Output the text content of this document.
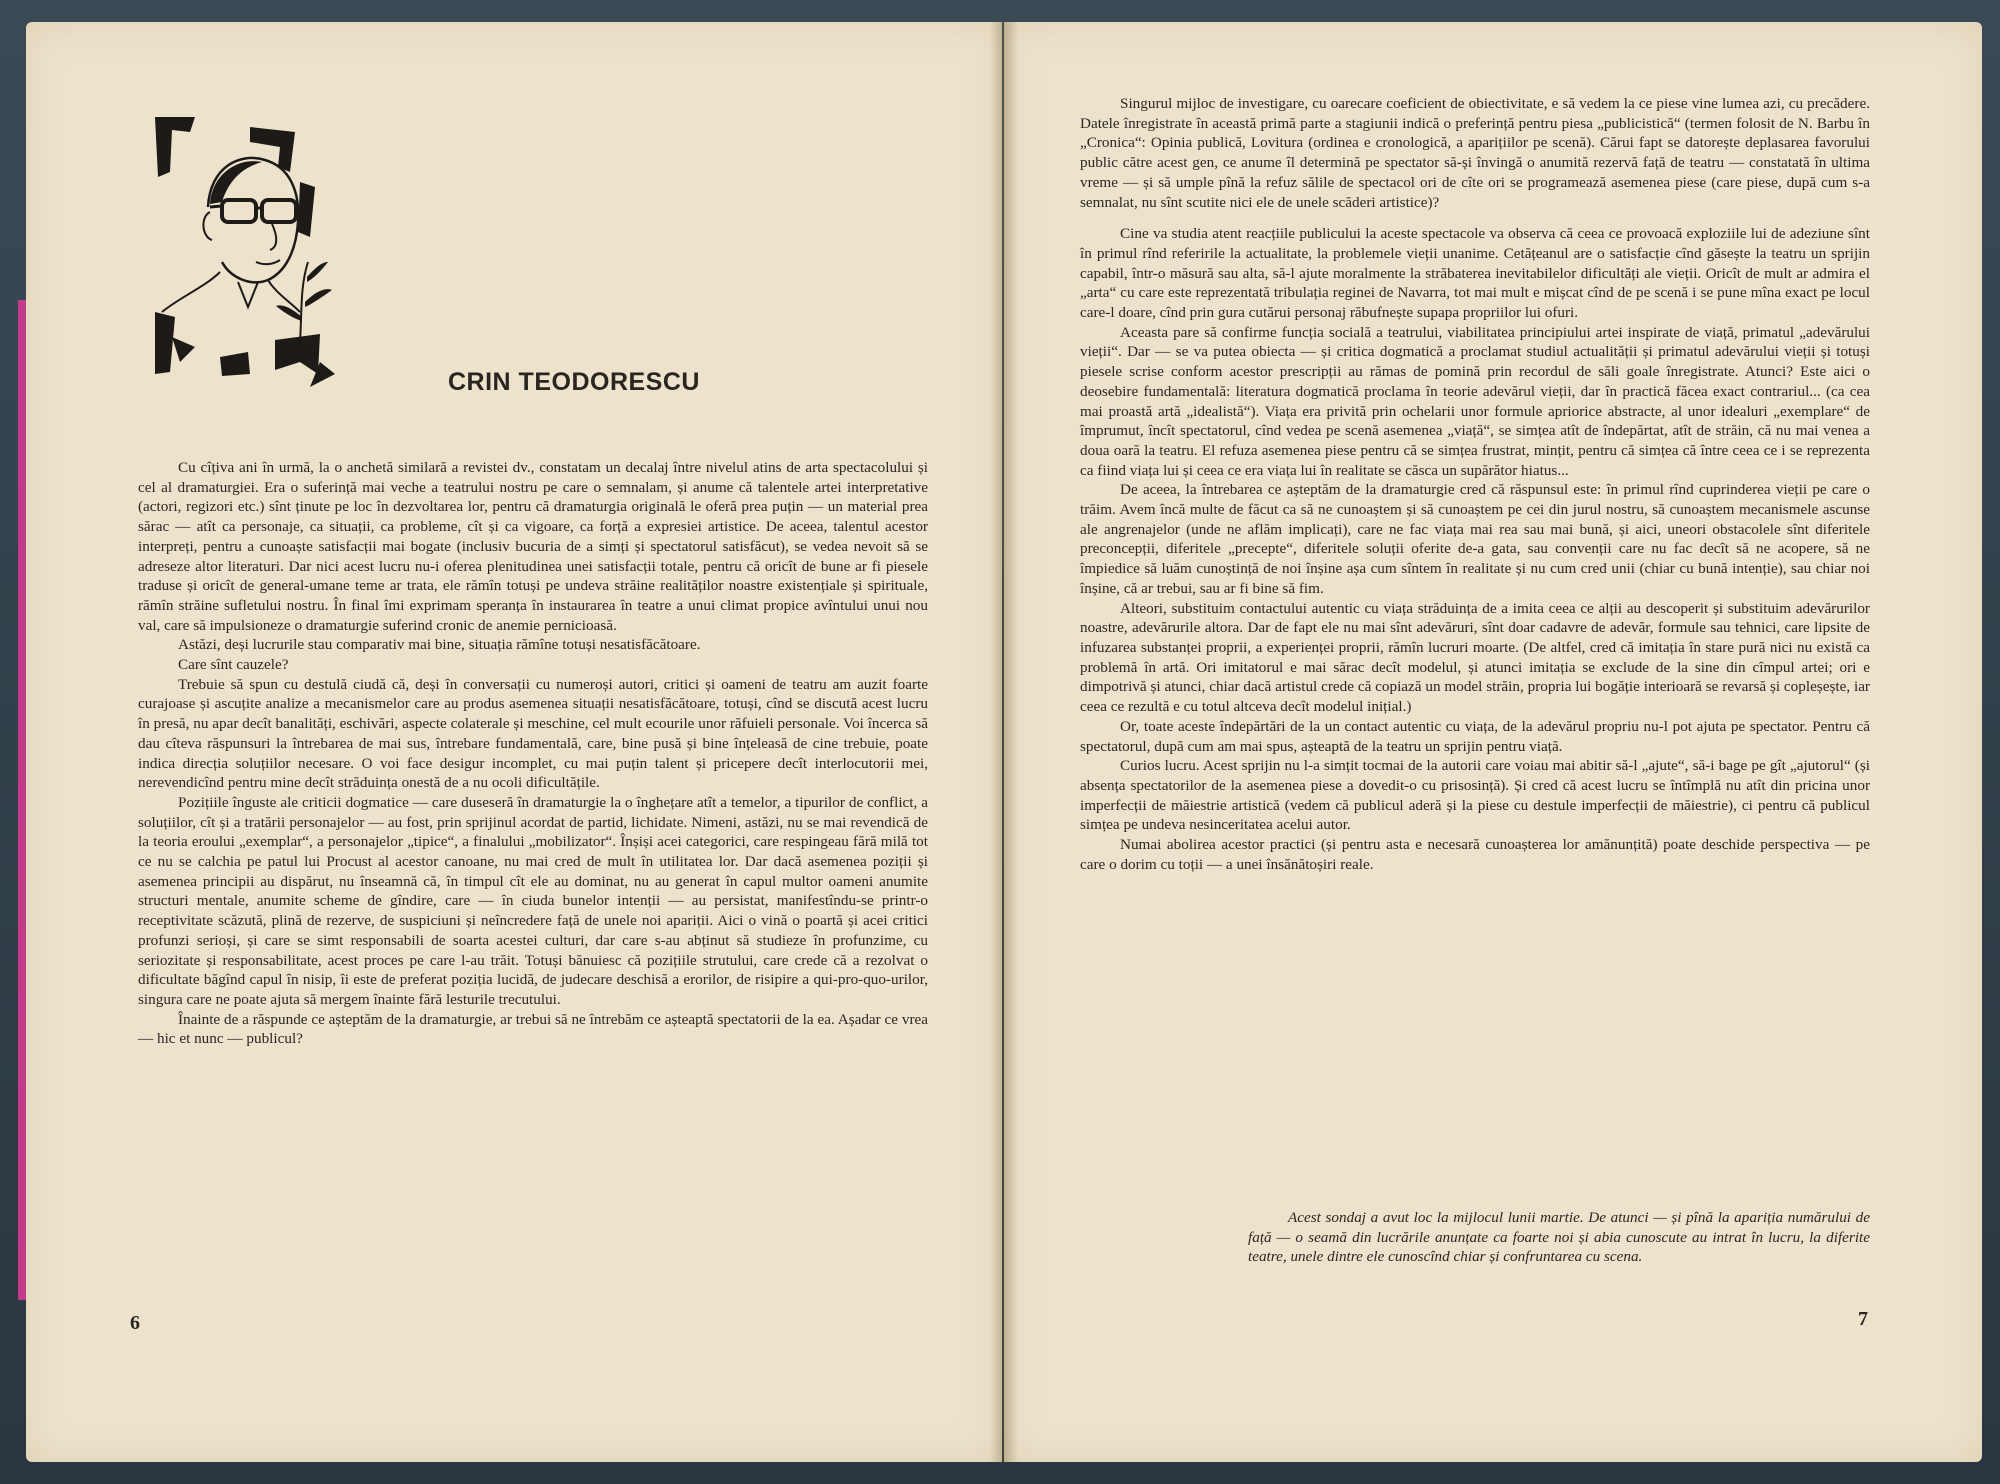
CRIN TEODORESCU

Cu cîțiva ani în urmă, la o anchetă similară a revistei dv., constatam un decalaj între nivelul atins de arta spectacolului și cel al dramaturgiei. Era o suferință mai veche a teatrului nostru pe care o semnalam, și anume că talentele artei interpretative (actori, regizori etc.) sînt ținute pe loc în dezvoltarea lor, pentru că dramaturgia originală le oferă prea puțin — un material prea sărac — atît ca personaje, ca situații, ca probleme, cît și ca vigoare, ca forță a expresiei artistice. De aceea, talentul acestor interpreți, pentru a cunoaște satisfacții mai bogate (inclusiv bucuria de a simți și spectatorul satisfăcut), se vedea nevoit să se adreseze altor literaturi. Dar nici acest lucru nu-i oferea plenitudinea unei satisfacții totale, pentru că oricît de bune ar fi piesele traduse și oricît de general-umane teme ar trata, ele rămîn totuși pe undeva străine realităților noastre existențiale și spirituale, rămîn străine sufletului nostru. În final îmi exprimam speranța în instaurarea în teatre a unui climat propice avîntului unui nou val, care să impulsioneze o dramaturgie suferind cronic de anemie pernicioasă.

Astăzi, deși lucrurile stau comparativ mai bine, situația rămîne totuși nesatisfăcătoare.

Care sînt cauzele?

Trebuie să spun cu destulă ciudă că, deși în conversații cu numeroși autori, critici și oameni de teatru am auzit foarte curajoase și ascuțite analize a mecanismelor care au produs asemenea situații nesatisfăcătoare, totuși, cînd se discută acest lucru în presă, nu apar decît banalități, eschivări, aspecte colaterale și meschine, cel mult ecourile unor răfuieli personale. Voi încerca să dau cîteva răspunsuri la întrebarea de mai sus, întrebare fundamentală, care, bine pusă și bine înțeleasă de cine trebuie, poate indica direcția soluțiilor necesare. O voi face desigur incomplet, cu mai puțin talent și pricepere decît interlocutorii mei, nerevendicînd pentru mine decît străduința onestă de a nu ocoli dificultățile.

Pozițiile înguste ale criticii dogmatice — care duseseră în dramaturgie la o înghețare atît a temelor, a tipurilor de conflict, a soluțiilor, cît și a tratării personajelor — au fost, prin sprijinul acordat de partid, lichidate. Nimeni, astăzi, nu se mai revendică de la teoria eroului „exemplar“, a personajelor „tipice“, a finalului „mobilizator“. Înșiși acei categorici, care respingeau fără milă tot ce nu se calchia pe patul lui Procust al acestor canoane, nu mai cred de mult în utilitatea lor. Dar dacă asemenea poziții și asemenea principii au dispărut, nu înseamnă că, în timpul cît ele au dominat, nu au generat în capul multor oameni anumite structuri mentale, anumite scheme de gîndire, care — în ciuda bunelor intenții — au persistat, manifestîndu-se printr-o receptivitate scăzută, plină de rezerve, de suspiciuni și neîncredere față de unele noi apariții. Aici o vină o poartă și acei critici profunzi serioși, și care se simt responsabili de soarta acestei culturi, dar care s-au abținut să studieze în profunzime, cu seriozitate și responsabilitate, acest proces pe care l-au trăit. Totuși bănuiesc că pozițiile strutului, care crede că a rezolvat o dificultate băgînd capul în nisip, îi este de preferat poziția lucidă, de judecare deschisă a erorilor, de risipire a qui-pro-quo-urilor, singura care ne poate ajuta să mergem înainte fără lesturile trecutului.

Înainte de a răspunde ce așteptăm de la dramaturgie, ar trebui să ne întrebăm ce așteaptă spectatorii de la ea. Așadar ce vrea — hic et nunc — publicul?

Singurul mijloc de investigare, cu oarecare coeficient de obiectivitate, e să vedem la ce piese vine lumea azi, cu precădere. Datele înregistrate în această primă parte a stagiunii indică o preferință pentru piesa „publicistică“ (termen folosit de N. Barbu în „Cronica“: Opinia publică, Lovitura (ordinea e cronologică, a aparițiilor pe scenă). Cărui fapt se datorește deplasarea favorului public către acest gen, ce anume îl determină pe spectator să-și învingă o anumită rezervă față de teatru — constatată în ultima vreme — și să umple pînă la refuz sălile de spectacol ori de cîte ori se programează asemenea piese (care piese, după cum s-a semnalat, nu sînt scutite nici ele de unele scăderi artistice)?

Cine va studia atent reacțiile publicului la aceste spectacole va observa că ceea ce provoacă exploziile lui de adeziune sînt în primul rînd referirile la actualitate, la problemele vieții unanime. Cetățeanul are o satisfacție cînd găsește la teatru un sprijin capabil, într-o măsură sau alta, să-l ajute moralmente la străbaterea inevitabilelor dificultăți ale vieții. Oricît de mult ar admira el „arta“ cu care este reprezentată tribulația reginei de Navarra, tot mai mult e mișcat cînd de pe scenă i se pune mîna exact pe locul care-l doare, cînd prin gura cutărui personaj răbufnește supapa propriilor lui ofuri.

Aceasta pare să confirme funcția socială a teatrului, viabilitatea principiului artei inspirate de viață, primatul „adevărului vieții“. Dar — se va putea obiecta — și critica dogmatică a proclamat studiul actualității și primatul adevărului vieții și totuși piesele scrise conform acestor prescripții au rămas de pomină prin recordul de săli goale înregistrate. Atunci? Este aici o deosebire fundamentală: literatura dogmatică proclama în teorie adevărul vieții, dar în practică făcea exact contrariul... (ca cea mai proastă artă „idealistă“). Viața era privită prin ochelarii unor formule apriorice abstracte, al unor idealuri „exemplare“ de împrumut, încît spectatorul, cînd vedea pe scenă asemenea „viață“, se simțea atît de îndepărtat, atît de străin, că nu mai venea a doua oară la teatru. El refuza asemenea piese pentru că se simțea frustrat, mințit, pentru că simțea că între ceea ce i se reprezenta ca fiind viața lui și ceea ce era viața lui în realitate se căsca un supărător hiatus...

De aceea, la întrebarea ce așteptăm de la dramaturgie cred că răspunsul este: în primul rînd cuprinderea vieții pe care o trăim. Avem încă multe de făcut ca să ne cunoaștem și să cunoaștem pe cei din jurul nostru, să cunoaștem mecanismele ascunse ale angrenajelor (unde ne aflăm implicați), care ne fac viața mai rea sau mai bună, și aici, uneori obstacolele sînt diferitele preconcepții, diferitele „precepte“, diferitele soluții oferite de-a gata, sau convenții care nu fac decît să ne acopere, să ne împiedice să luăm cunoștință de noi înșine așa cum sîntem în realitate și nu cum cred unii (chiar cu bună intenție), sau chiar noi înșine, că ar trebui, sau ar fi bine să fim.

Alteori, substituim contactului autentic cu viața străduința de a imita ceea ce alții au descoperit și substituim adevărurilor noastre, adevărurile altora. Dar de fapt ele nu mai sînt adevăruri, sînt doar cadavre de adevăr, formule sau tehnici, care lipsite de infuzarea substanței proprii, a experienței proprii, rămîn lucruri moarte. (De altfel, cred că imitația în stare pură nici nu există ca problemă în artă. Ori imitatorul e mai sărac decît modelul, și atunci imitația se exclude de la sine din cîmpul artei; ori e dimpotrivă și atunci, chiar dacă artistul crede că copiază un model străin, propria lui bogăție interioară se revarsă și copleșește, iar ceea ce rezultă e cu totul altceva decît modelul inițial.)

Or, toate aceste îndepărtări de la un contact autentic cu viața, de la adevărul propriu nu-l pot ajuta pe spectator. Pentru că spectatorul, după cum am mai spus, așteaptă de la teatru un sprijin pentru viață.

Curios lucru. Acest sprijin nu l-a simțit tocmai de la autorii care voiau mai abitir să-l „ajute“, să-i bage pe gît „ajutorul“ (și absența spectatorilor de la asemenea piese a dovedit-o cu prisosință). Și cred că acest lucru se întîmplă nu atît din pricina unor imperfecții de măiestrie artistică (vedem că publicul aderă și la piese cu destule imperfecții de măiestrie), ci pentru că publicul simțea pe undeva nesinceritatea acelui autor.

Numai abolirea acestor practici (și pentru asta e necesară cunoașterea lor amănunțită) poate deschide perspectiva — pe care o dorim cu toții — a unei însănătoșiri reale.

Acest sondaj a avut loc la mijlocul lunii martie. De atunci — și pînă la apariția numărului de față — o seamă din lucrările anunțate ca foarte noi și abia cunoscute au intrat în lucru, la diferite teatre, unele dintre ele cunoscînd chiar și confruntarea cu scena.

6	7
